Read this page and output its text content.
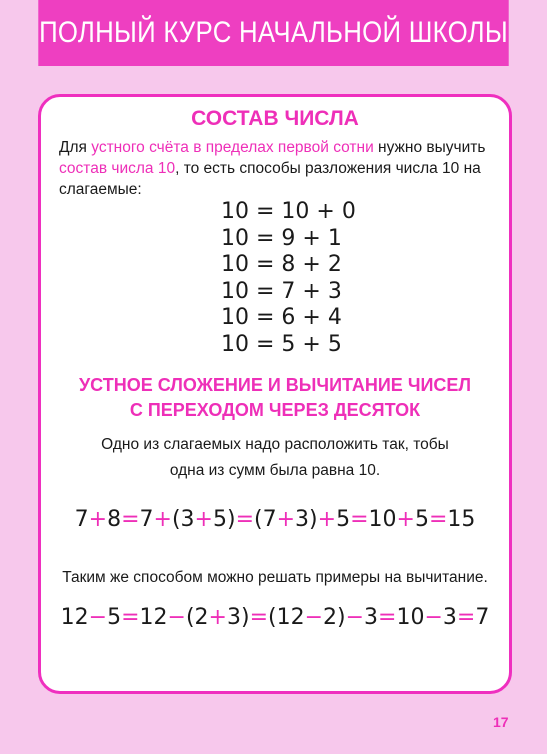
ПОЛНЫЙ КУРС НАЧАЛЬНОЙ ШКОЛЫ
СОСТАВ ЧИСЛА
Для устного счёта в пределах первой сотни нужно выучить состав числа 10, то есть способы разложения числа 10 на слагаемые:
10 = 10 + 0
10 = 9 + 1
10 = 8 + 2
10 = 7 + 3
10 = 6 + 4
10 = 5 + 5
УСТНОЕ СЛОЖЕНИЕ И ВЫЧИТАНИЕ ЧИСЕЛ
С ПЕРЕХОДОМ ЧЕРЕЗ ДЕСЯТОК
Одно из слагаемых надо расположить так, тобы
одна из сумм была равна 10.
7+8=7+(3+5)=(7+3)+5=10+5=15
Таким же способом можно решать примеры на вычитание.
12−5=12−(2+3)=(12−2)−3=10−3=7
17
